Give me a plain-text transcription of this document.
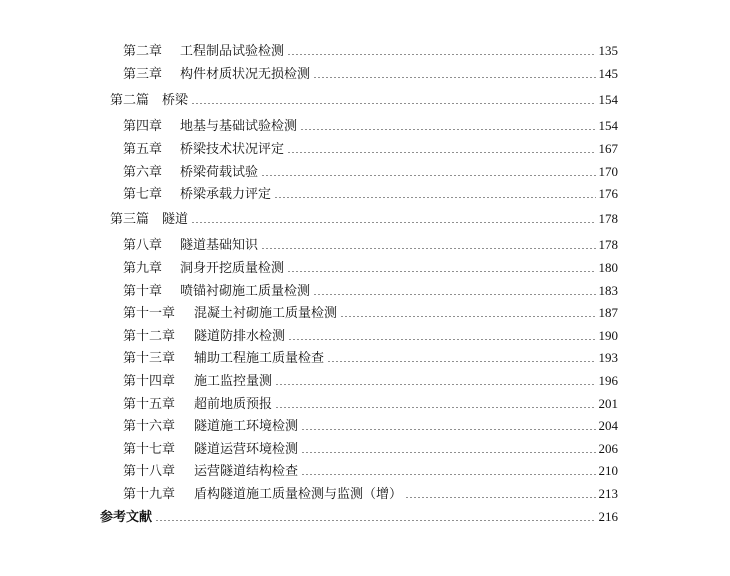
第二章	工程制品试验检测	135
第三章	构件材质状况无损检测	145
第二篇 桥梁	154
第四章	地基与基础试验检测	154
第五章	桥梁技术状况评定	167
第六章	桥梁荷载试验	170
第七章	桥梁承载力评定	176
第三篇 隧道	178
第八章	隧道基础知识	178
第九章	洞身开挖质量检测	180
第十章	喷锚衬砌施工质量检测	183
第十一章	混凝土衬砌施工质量检测	187
第十二章	隧道防排水检测	190
第十三章	辅助工程施工质量检查	193
第十四章	施工监控量测	196
第十五章	超前地质预报	201
第十六章	隧道施工环境检测	204
第十七章	隧道运营环境检测	206
第十八章	运营隧道结构检查	210
第十九章	盾构隧道施工质量检测与监测（增）	213
参考文献	216
